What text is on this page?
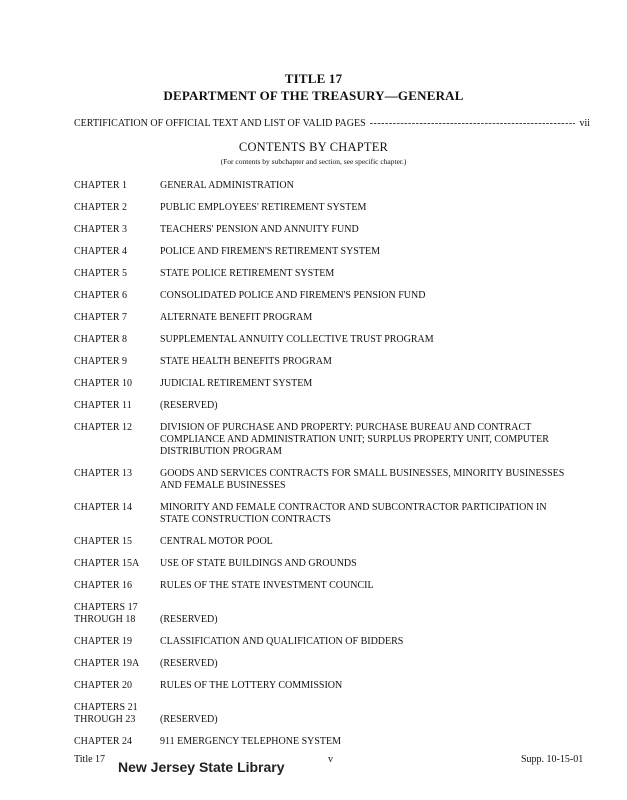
TITLE 17
DEPARTMENT OF THE TREASURY—GENERAL
CERTIFICATION OF OFFICIAL TEXT AND LIST OF VALID PAGES
- - -	vii
CONTENTS BY CHAPTER
(For contents by subchapter and section, see specific chapter.)
CHAPTER 1	GENERAL ADMINISTRATION
CHAPTER 2	PUBLIC EMPLOYEES' RETIREMENT SYSTEM
CHAPTER 3	TEACHERS' PENSION AND ANNUITY FUND
CHAPTER 4	POLICE AND FIREMEN'S RETIREMENT SYSTEM
CHAPTER 5	STATE POLICE RETIREMENT SYSTEM
CHAPTER 6	CONSOLIDATED POLICE AND FIREMEN'S PENSION FUND
CHAPTER 7	ALTERNATE BENEFIT PROGRAM
CHAPTER 8	SUPPLEMENTAL ANNUITY COLLECTIVE TRUST PROGRAM
CHAPTER 9	STATE HEALTH BENEFITS PROGRAM
CHAPTER 10	JUDICIAL RETIREMENT SYSTEM
CHAPTER 11	(RESERVED)
CHAPTER 12	DIVISION OF PURCHASE AND PROPERTY: PURCHASE BUREAU AND CONTRACT
COMPLIANCE AND ADMINISTRATION UNIT; SURPLUS PROPERTY UNIT, COMPUTER
DISTRIBUTION PROGRAM
CHAPTER 13	GOODS AND SERVICES CONTRACTS FOR SMALL BUSINESSES, MINORITY BUSINESSES
AND FEMALE BUSINESSES
CHAPTER 14	MINORITY AND FEMALE CONTRACTOR AND SUBCONTRACTOR PARTICIPATION IN
STATE CONSTRUCTION CONTRACTS
CHAPTER 15	CENTRAL MOTOR POOL
CHAPTER 15A	USE OF STATE BUILDINGS AND GROUNDS
CHAPTER 16	RULES OF THE STATE INVESTMENT COUNCIL
CHAPTERS 17
THROUGH 18	
(RESERVED)
CHAPTER 19	CLASSIFICATION AND QUALIFICATION OF BIDDERS
CHAPTER 19A	(RESERVED)
CHAPTER 20	RULES OF THE LOTTERY COMMISSION
CHAPTERS 21
THROUGH 23	
(RESERVED)
CHAPTER 24	911 EMERGENCY TELEPHONE SYSTEM
Title 17 New Jersey State Library	v	Supp. 10-15-01
